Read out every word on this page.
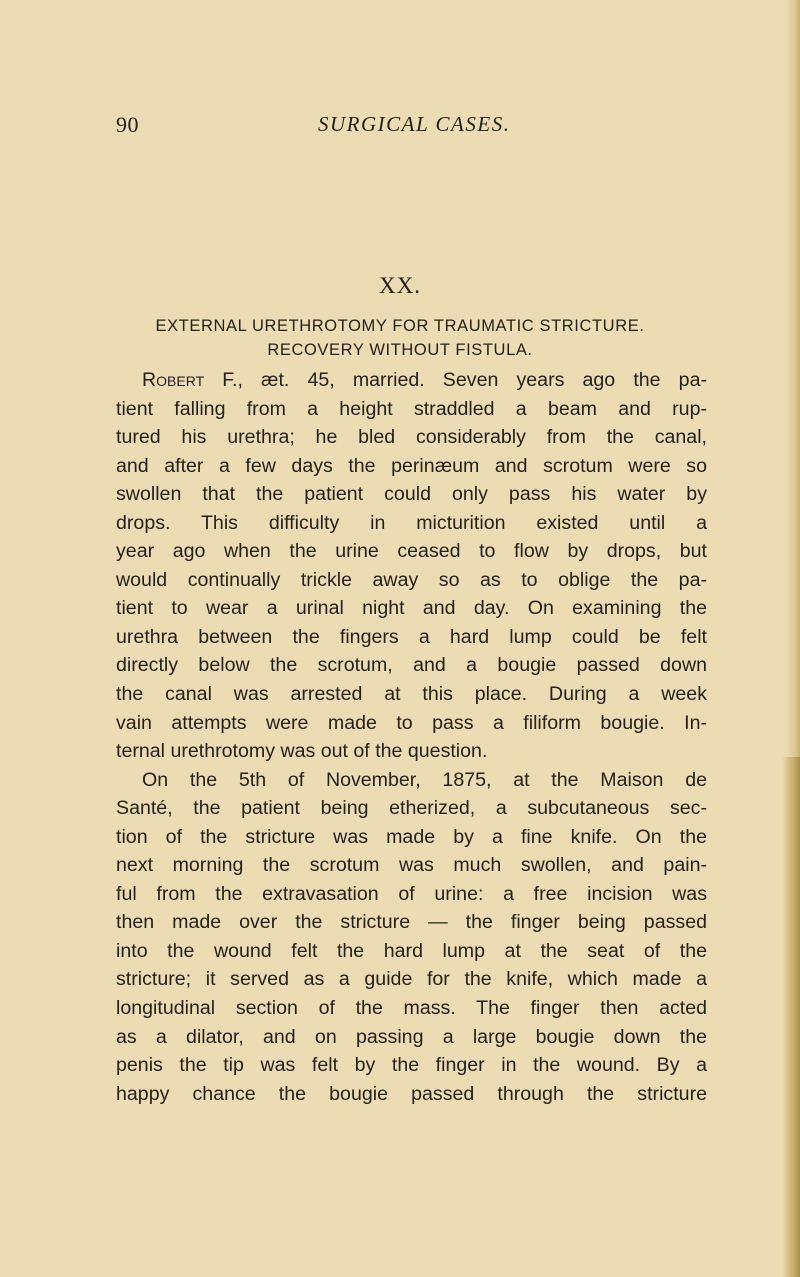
90	SURGICAL CASES.
XX.
EXTERNAL URETHROTOMY FOR TRAUMATIC STRICTURE.
RECOVERY WITHOUT FISTULA.
Robert F., æt. 45, married. Seven years ago the pa-
tient falling from a height straddled a beam and rup-
tured his urethra; he bled considerably from the canal,
and after a few days the perinæum and scrotum were so
swollen that the patient could only pass his water by
drops. This difficulty in micturition existed until a
year ago when the urine ceased to flow by drops, but
would continually trickle away so as to oblige the pa-
tient to wear a urinal night and day. On examining the
urethra between the fingers a hard lump could be felt
directly below the scrotum, and a bougie passed down
the canal was arrested at this place. During a week
vain attempts were made to pass a filiform bougie. In-
ternal urethrotomy was out of the question.
On the 5th of November, 1875, at the Maison de
Santé, the patient being etherized, a subcutaneous sec-
tion of the stricture was made by a fine knife. On the
next morning the scrotum was much swollen, and pain-
ful from the extravasation of urine: a free incision was
then made over the stricture — the finger being passed
into the wound felt the hard lump at the seat of the
stricture; it served as a guide for the knife, which made a
longitudinal section of the mass. The finger then acted
as a dilator, and on passing a large bougie down the
penis the tip was felt by the finger in the wound. By a
happy chance the bougie passed through the stricture
